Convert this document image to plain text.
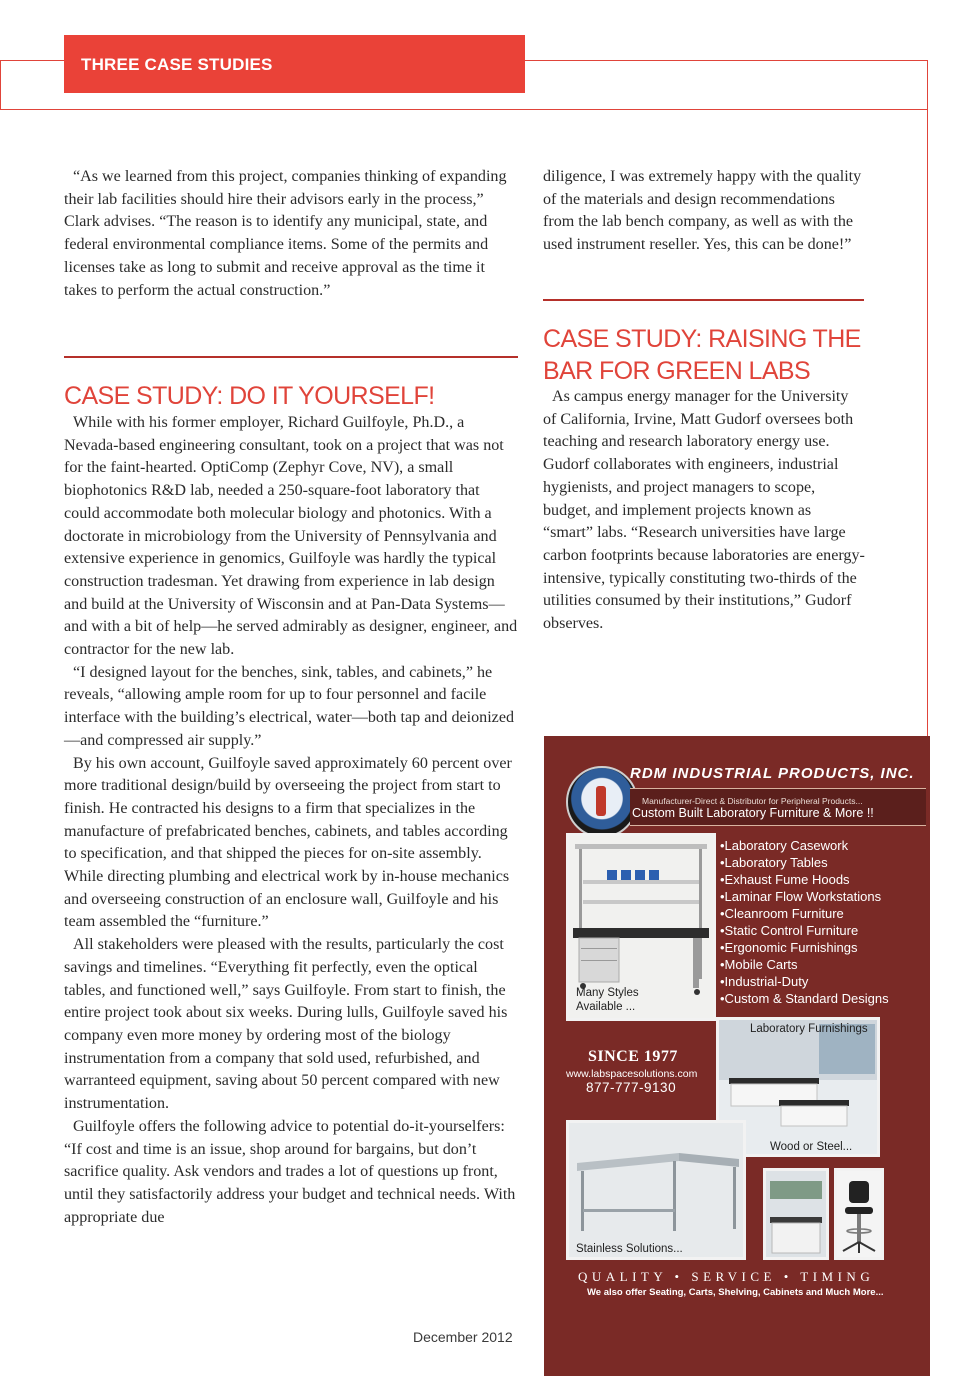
THREE CASE STUDIES

“As we learned from this project, companies thinking of expanding their lab facilities should hire their advisors early in the process,” Clark advises. “The reason is to identify any municipal, state, and federal environmental compliance items. Some of the permits and licenses take as long to submit and receive approval as the time it takes to perform the actual construction.”

CASE STUDY: DO IT YOURSELF!

While with his former employer, Richard Guilfoyle, Ph.D., a Nevada-based engineering consultant, took on a project that was not for the faint-hearted. OptiComp (Zephyr Cove, NV), a small biophotonics R&D lab, needed a 250-square-foot laboratory that could accommodate both molecular biology and photonics. With a doctorate in microbiology from the University of Pennsylvania and extensive experience in genomics, Guilfoyle was hardly the typical construction tradesman. Yet drawing from experience in lab design and build at the University of Wisconsin and at Pan-Data Systems—and with a bit of help—he served admirably as designer, engineer, and contractor for the new lab.

“I designed layout for the benches, sink, tables, and cabinets,” he reveals, “allowing ample room for up to four personnel and facile interface with the building’s electrical, water—both tap and deionized—and compressed air supply.”

By his own account, Guilfoyle saved approximately 60 percent over more traditional design/build by overseeing the project from start to finish. He contracted his designs to a firm that specializes in the manufacture of prefabricated benches, cabinets, and tables according to specification, and that shipped the pieces for on-site assembly. While directing plumbing and electrical work by in-house mechanics and overseeing construction of an enclosure wall, Guilfoyle and his team assembled the “furniture.”

All stakeholders were pleased with the results, particularly the cost savings and timelines. “Everything fit perfectly, even the optical tables, and functioned well,” says Guilfoyle. From start to finish, the entire project took about six weeks. During lulls, Guilfoyle saved his company even more money by ordering most of the biology instrumentation from a company that sold used, refurbished, and warranteed equipment, saving about 50 percent compared with new instrumentation.

Guilfoyle offers the following advice to potential do-it-yourselfers: “If cost and time is an issue, shop around for bargains, but don’t sacrifice quality. Ask vendors and trades a lot of questions up front, until they satisfactorily address your budget and technical needs. With appropriate due

diligence, I was extremely happy with the quality of the materials and design recommendations from the lab bench company, as well as with the used instrument reseller. Yes, this can be done!”

CASE STUDY: RAISING THE BAR FOR GREEN LABS

As campus energy manager for the University of California, Irvine, Matt Gudorf oversees both teaching and research laboratory energy use. Gudorf collaborates with engineers, industrial hygienists, and project managers to scope, budget, and implement projects known as “smart” labs. “Research universities have large carbon footprints because laboratories are energy-intensive, typically constituting two-thirds of the utilities consumed by their institutions,” Gudorf observes.

RDM INDUSTRIAL PRODUCTS, INC.
Manufacturer-Direct & Distributor for Peripheral Products...
Custom Built Laboratory Furniture & More !!
Many Styles
Available ...
•Laboratory Casework
•Laboratory Tables
•Exhaust Fume Hoods
•Laminar Flow Workstations
•Cleanroom Furniture
•Static Control Furniture
•Ergonomic Furnishings
•Mobile Carts
•Industrial-Duty
•Custom & Standard Designs
Laboratory Furnishings
Wood or Steel...
SINCE 1977
www.labspacesolutions.com
877-777-9130
Stainless Solutions...
QUALITY • SERVICE • TIMING
We also offer Seating, Carts, Shelving, Cabinets and Much More...
December 2012
